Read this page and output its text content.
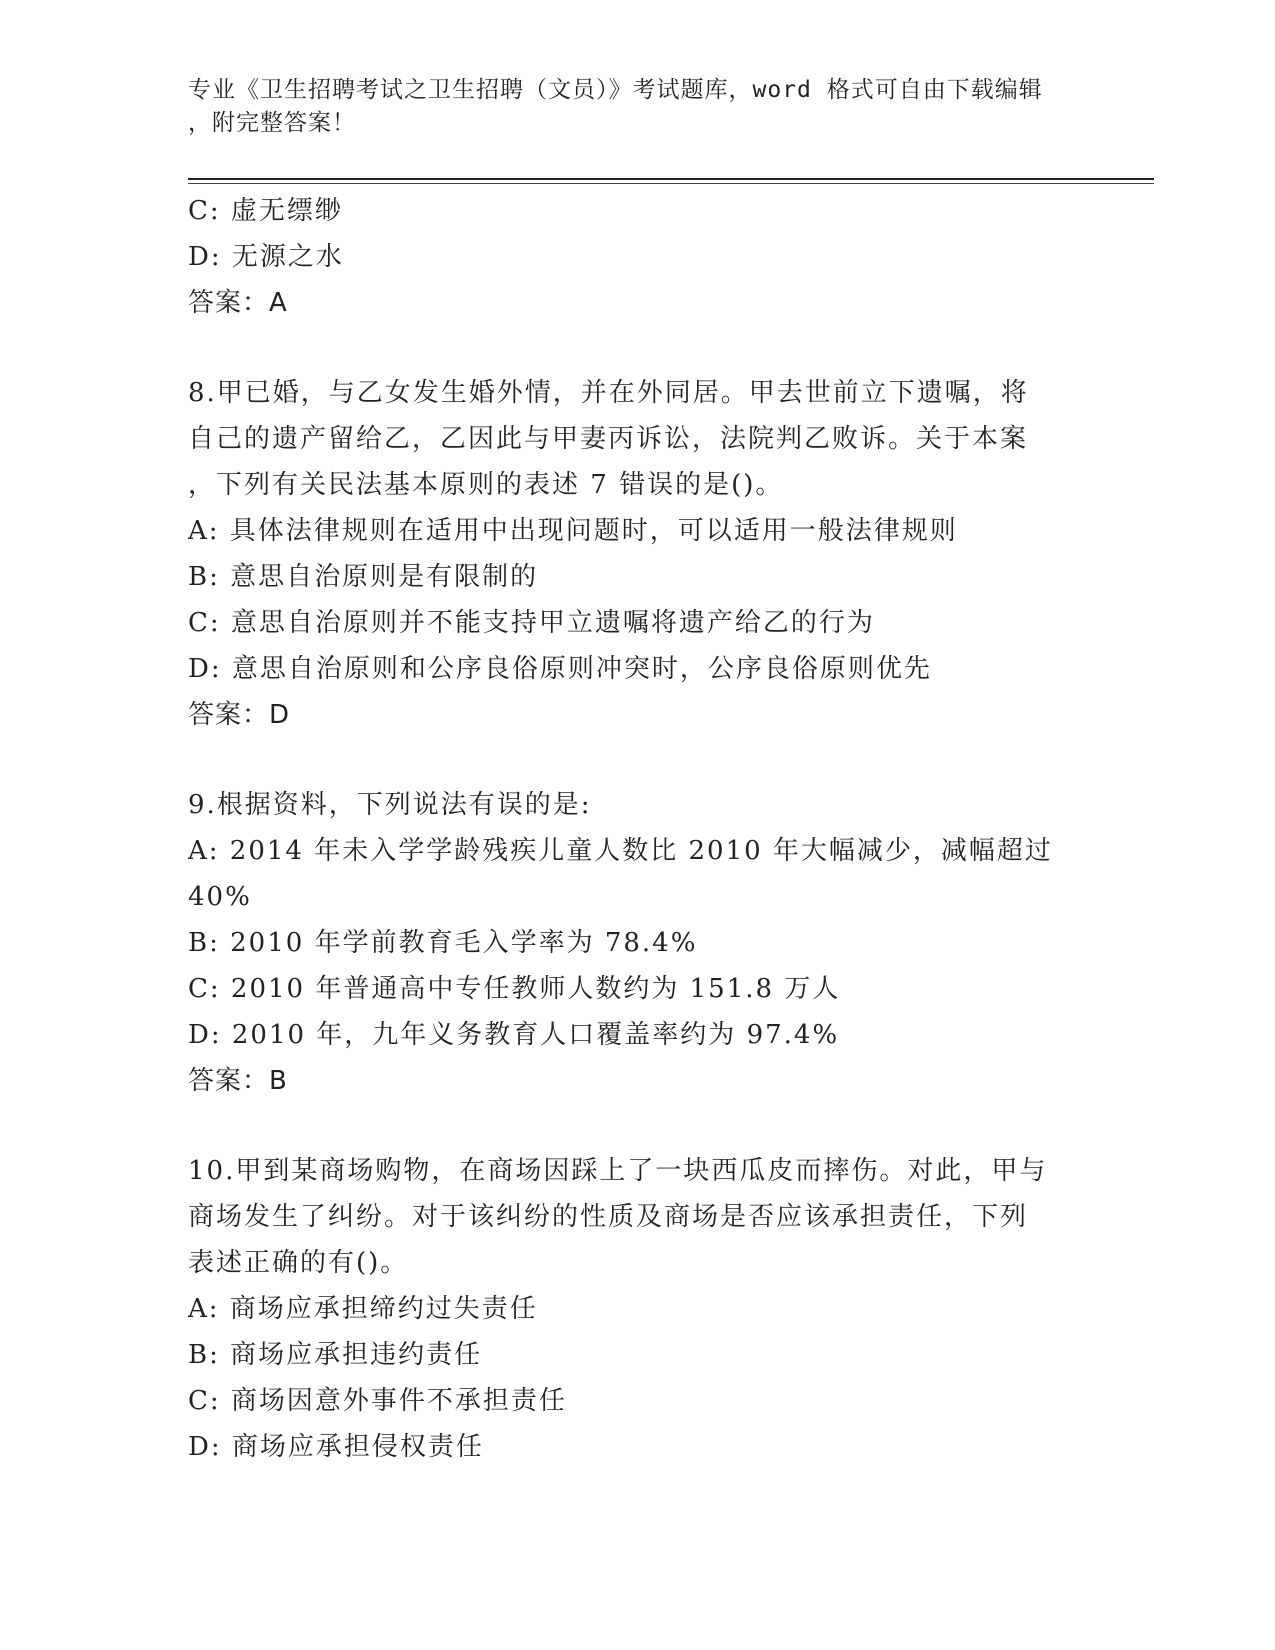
专业《卫生招聘考试之卫生招聘（文员）》考试题库，word 格式可自由下载编辑
，附完整答案！

C: 虚无缥缈

D: 无源之水

答案：A

8.甲已婚，与乙女发生婚外情，并在外同居。甲去世前立下遗嘱，将

自己的遗产留给乙，乙因此与甲妻丙诉讼，法院判乙败诉。关于本案

，下列有关民法基本原则的表述 7 错误的是()。

A: 具体法律规则在适用中出现问题时，可以适用一般法律规则

B: 意思自治原则是有限制的

C: 意思自治原则并不能支持甲立遗嘱将遗产给乙的行为

D: 意思自治原则和公序良俗原则冲突时，公序良俗原则优先

答案：D

9.根据资料，下列说法有误的是:

A: 2014 年未入学学龄残疾儿童人数比 2010 年大幅减少，减幅超过

40%

B: 2010 年学前教育毛入学率为 78.4%

C: 2010 年普通高中专任教师人数约为 151.8 万人

D: 2010 年，九年义务教育人口覆盖率约为 97.4%

答案：B

10.甲到某商场购物，在商场因踩上了一块西瓜皮而摔伤。对此，甲与

商场发生了纠纷。对于该纠纷的性质及商场是否应该承担责任，下列

表述正确的有()。

A: 商场应承担缔约过失责任

B: 商场应承担违约责任

C: 商场因意外事件不承担责任

D: 商场应承担侵权责任
